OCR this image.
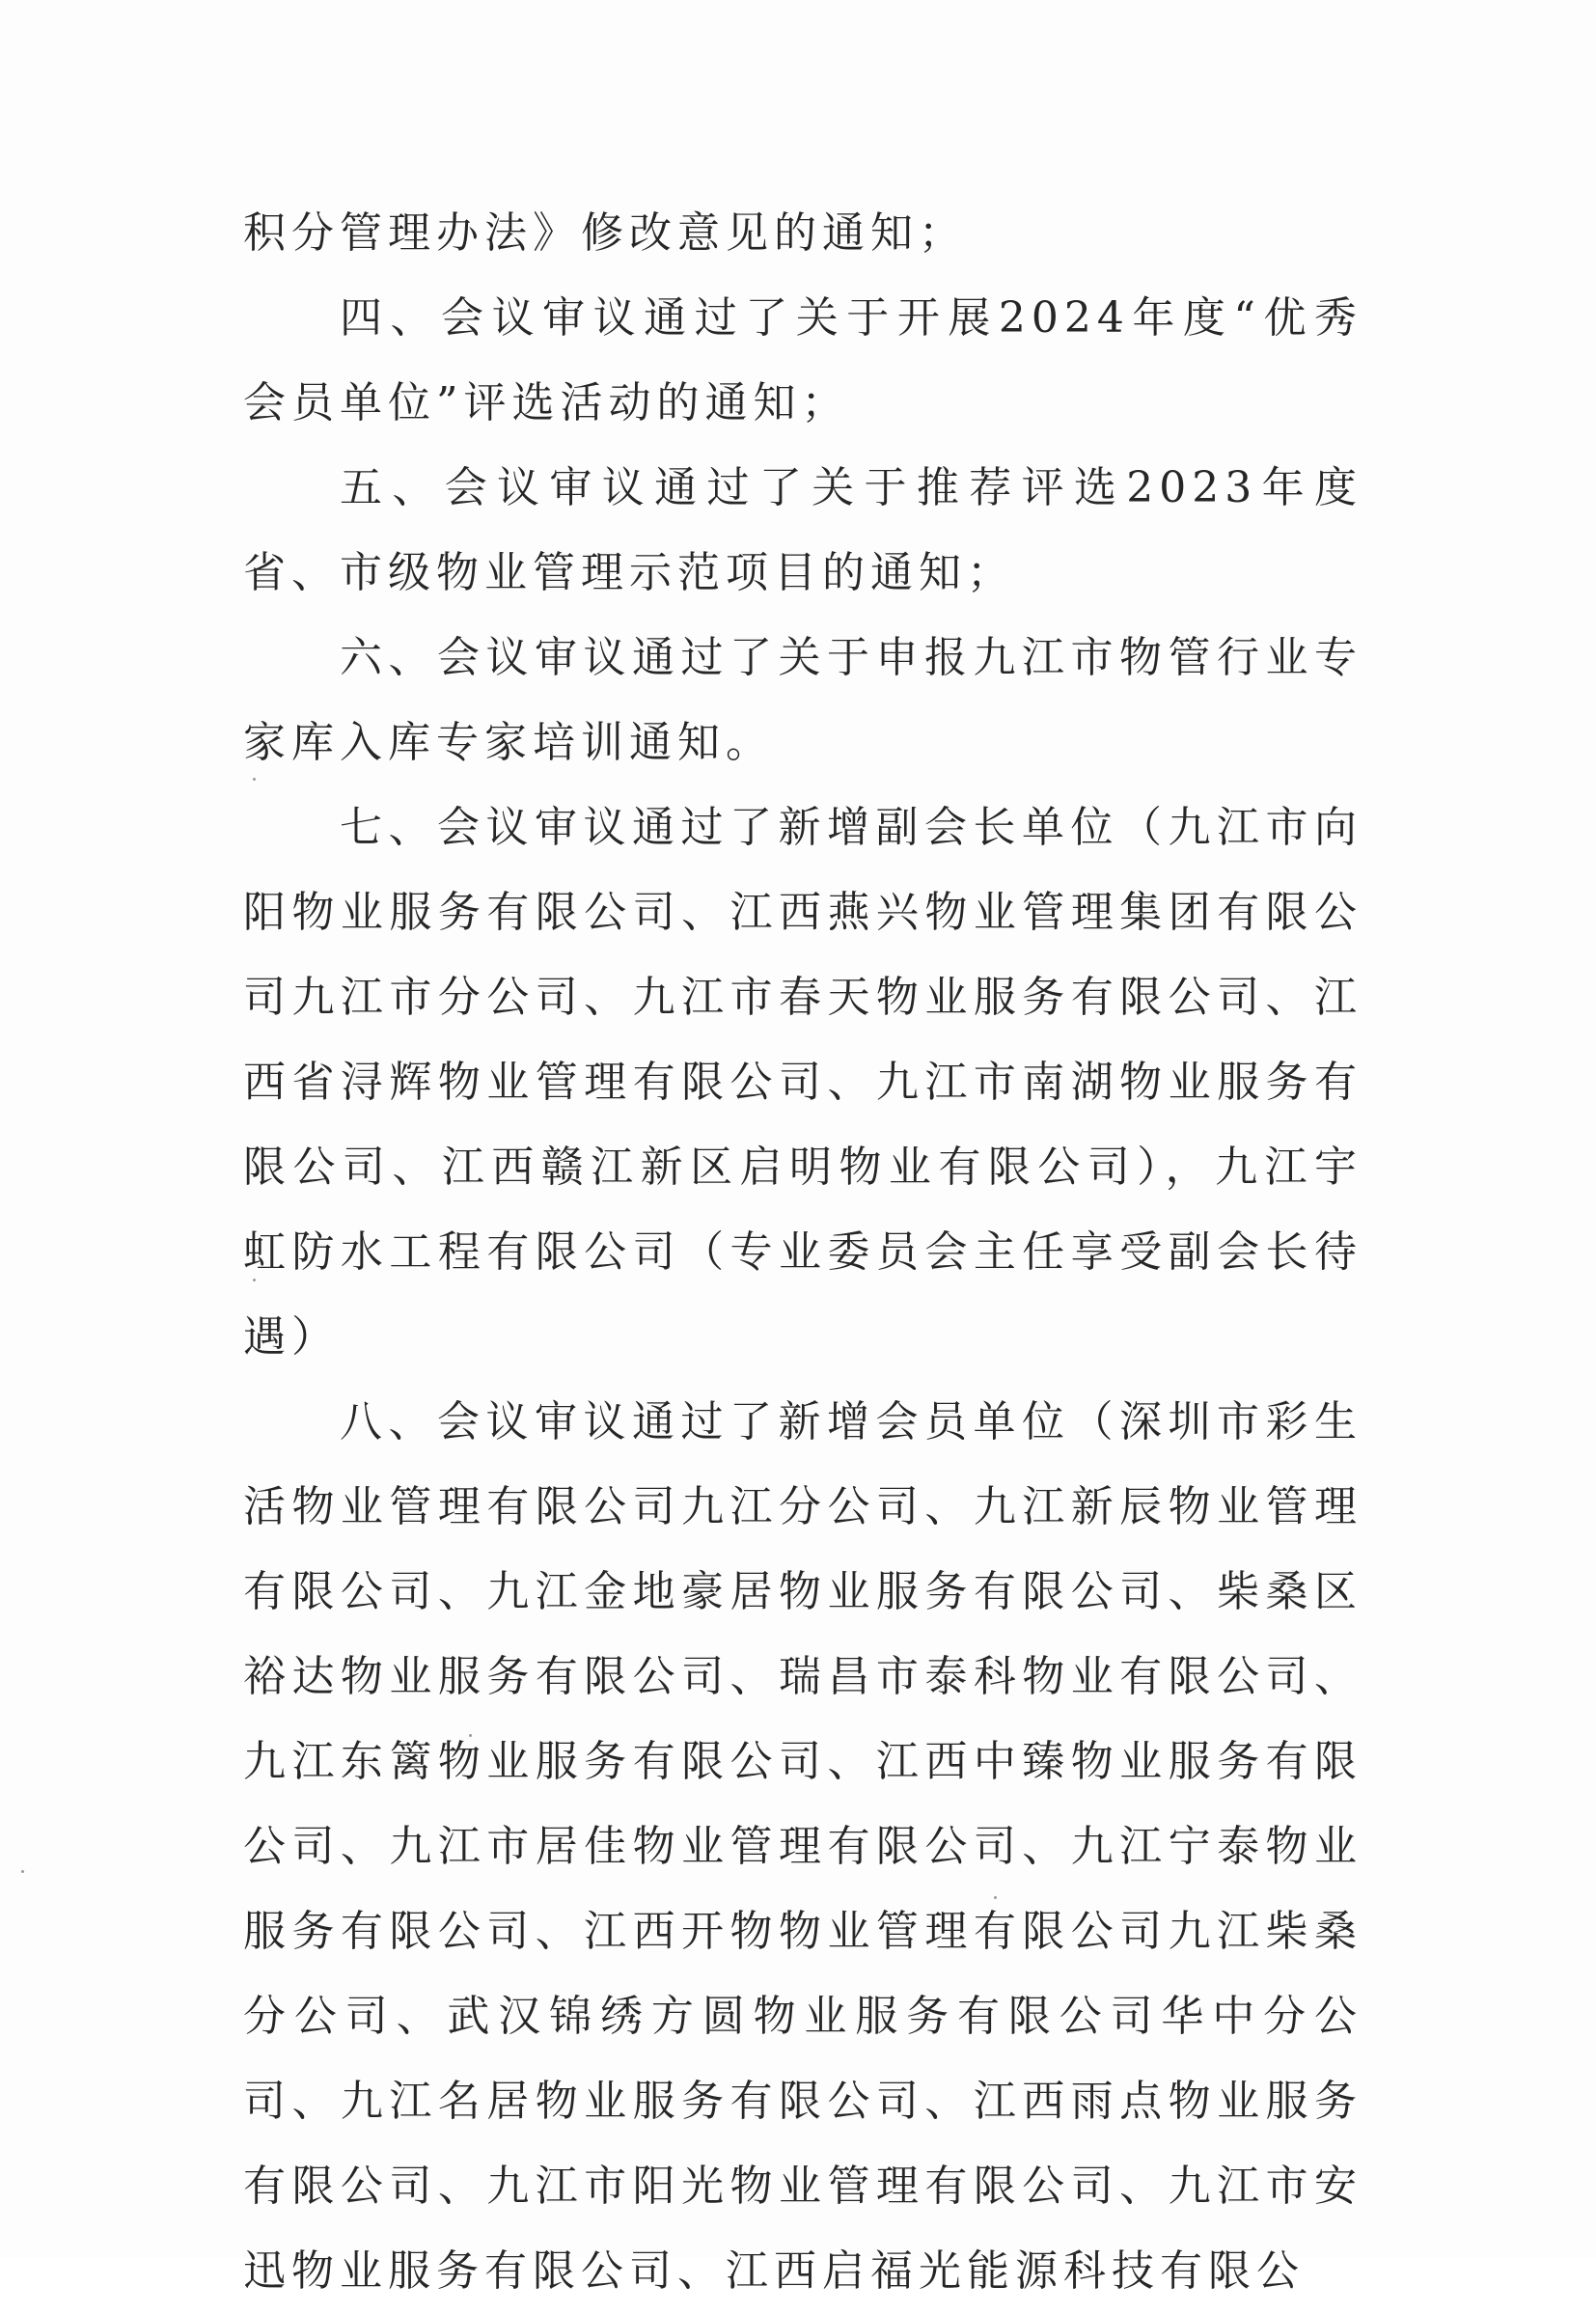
积分管理办法》修改意见的通知；

四、会议审议通过了关于开展2024年度“优秀会员单位”评选活动的通知；

五、会议审议通过了关于推荐评选2023年度省、市级物业管理示范项目的通知；

六、会议审议通过了关于申报九江市物管行业专家库入库专家培训通知。

七、会议审议通过了新增副会长单位（九江市向阳物业服务有限公司、江西燕兴物业管理集团有限公司九江市分公司、九江市春天物业服务有限公司、江西省浔辉物业管理有限公司、九江市南湖物业服务有限公司、江西赣江新区启明物业有限公司），九江宇虹防水工程有限公司（专业委员会主任享受副会长待遇）

八、会议审议通过了新增会员单位（深圳市彩生活物业管理有限公司九江分公司、九江新辰物业管理有限公司、九江金地豪居物业服务有限公司、柴桑区裕达物业服务有限公司、瑞昌市泰科物业有限公司、九江东篱物业服务有限公司、江西中臻物业服务有限公司、九江市居佳物业管理有限公司、九江宁泰物业服务有限公司、江西开物物业管理有限公司九江柴桑分公司、武汉锦绣方圆物业服务有限公司华中分公司、九江名居物业服务有限公司、江西雨点物业服务有限公司、九江市阳光物业管理有限公司、九江市安迅物业服务有限公司、江西启福光能源科技有限公
